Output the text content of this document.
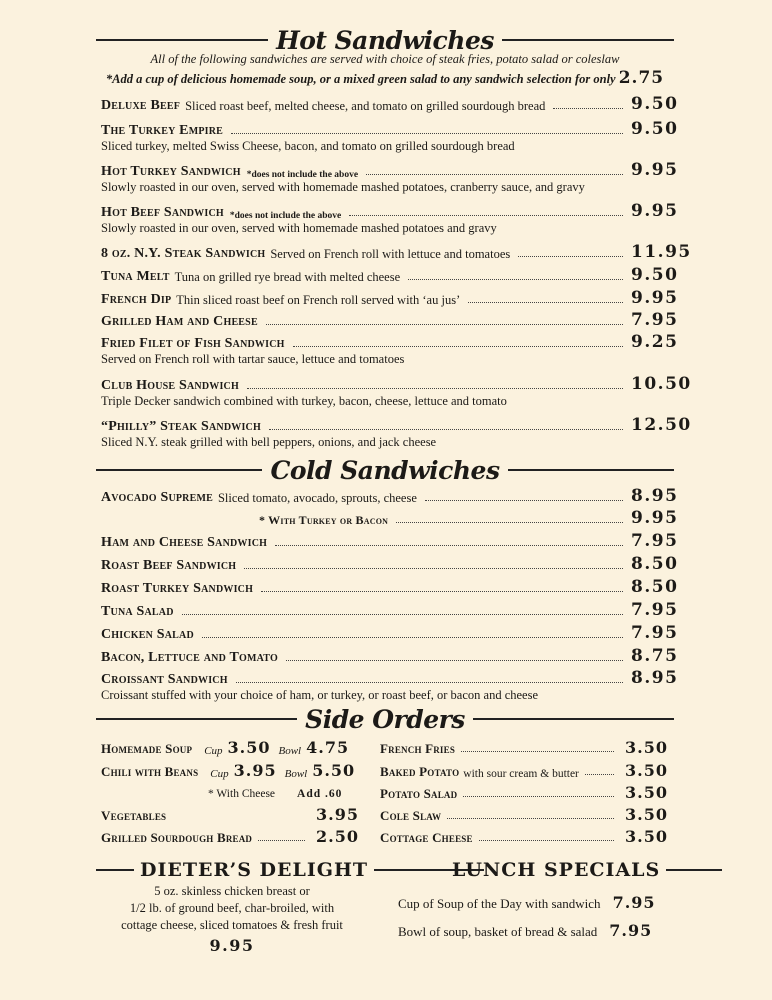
Hot Sandwiches
All of the following sandwiches are served with choice of steak fries, potato salad or coleslaw
*Add a cup of delicious homemade soup, or a mixed green salad to any sandwich selection for only 2.75
Deluxe Beef Sliced roast beef, melted cheese, and tomato on grilled sourdough bread	9.50
The Turkey Empire	9.50
Sliced turkey, melted Swiss Cheese, bacon, and tomato on grilled sourdough bread
Hot Turkey Sandwich *does not include the above	9.95
Slowly roasted in our oven, served with homemade mashed potatoes, cranberry sauce, and gravy
Hot Beef Sandwich *does not include the above	9.95
Slowly roasted in our oven, served with homemade mashed potatoes and gravy
8 oz. N.Y. Steak Sandwich Served on French roll with lettuce and tomatoes	11.95
Tuna Melt Tuna on grilled rye bread with melted cheese	9.50
French Dip Thin sliced roast beef on French roll served with ‘au jus’	9.95
Grilled Ham and Cheese	7.95
Fried Filet of Fish Sandwich	9.25
Served on French roll with tartar sauce, lettuce and tomatoes
Club House Sandwich	10.50
Triple Decker sandwich combined with turkey, bacon, cheese, lettuce and tomato
“Philly” Steak Sandwich	12.50
Sliced N.Y. steak grilled with bell peppers, onions, and jack cheese
Cold Sandwiches
Avocado Supreme Sliced tomato, avocado, sprouts, cheese	8.95
* With Turkey or Bacon	9.95
Ham and Cheese Sandwich	7.95
Roast Beef Sandwich	8.50
Roast Turkey Sandwich	8.50
Tuna Salad	7.95
Chicken Salad	7.95
Bacon, Lettuce and Tomato	8.75
Croissant Sandwich	8.95
Croissant stuffed with your choice of ham, or turkey, or roast beef, or bacon and cheese
Side Orders
Homemade Soup Cup 3.50 Bowl 4.75
Chili with Beans Cup 3.95 Bowl 5.50
* With Cheese Add .60
Vegetables	3.95
Grilled Sourdough Bread	2.50
French Fries	3.50
Baked Potato with sour cream & butter	3.50
Potato Salad	3.50
Cole Slaw	3.50
Cottage Cheese	3.50
DIETER’S DELIGHT
5 oz. skinless chicken breast or
1/2 lb. of ground beef, char-broiled, with
cottage cheese, sliced tomatoes & fresh fruit
9.95
LUNCH SPECIALS
Cup of Soup of the Day with sandwich 7.95
Bowl of soup, basket of bread & salad 7.95
